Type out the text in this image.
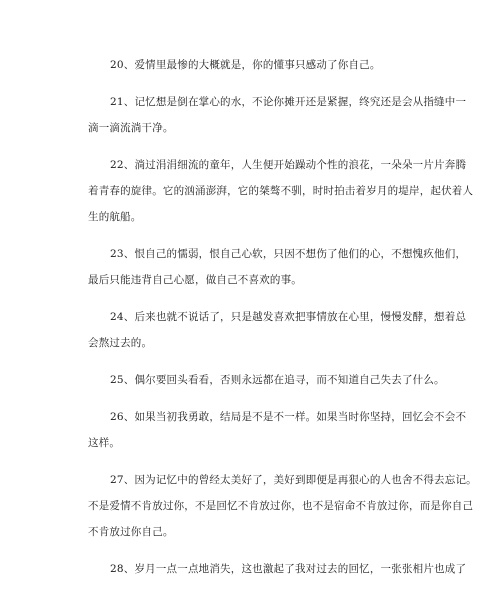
20、爱情里最惨的大概就是，你的懂事只感动了你自己。
21、记忆想是倒在掌心的水，不论你摊开还是紧握，终究还是会从指缝中一
滴一滴流淌干净。
22、淌过涓涓细流的童年，人生便开始躁动个性的浪花，一朵朵一片片奔腾
着青春的旋律。它的汹涌澎湃，它的桀骜不驯，时时拍击着岁月的堤岸，起伏着人
生的航船。
23、恨自己的懦弱，恨自己心软，只因不想伤了他们的心，不想愧疚他们，
最后只能违背自己心愿，做自己不喜欢的事。
24、后来也就不说话了，只是越发喜欢把事情放在心里，慢慢发酵，想着总
会熬过去的。
25、偶尔要回头看看，否则永远都在追寻，而不知道自己失去了什么。
26、如果当初我勇敢，结局是不是不一样。如果当时你坚持，回忆会不会不
这样。
27、因为记忆中的曾经太美好了，美好到即便是再狠心的人也舍不得去忘记。
不是爱情不肯放过你，不是回忆不肯放过你，也不是宿命不肯放过你，而是你自己
不肯放过你自己。
28、岁月一点一点地消失，这也激起了我对过去的回忆，一张张相片也成了
